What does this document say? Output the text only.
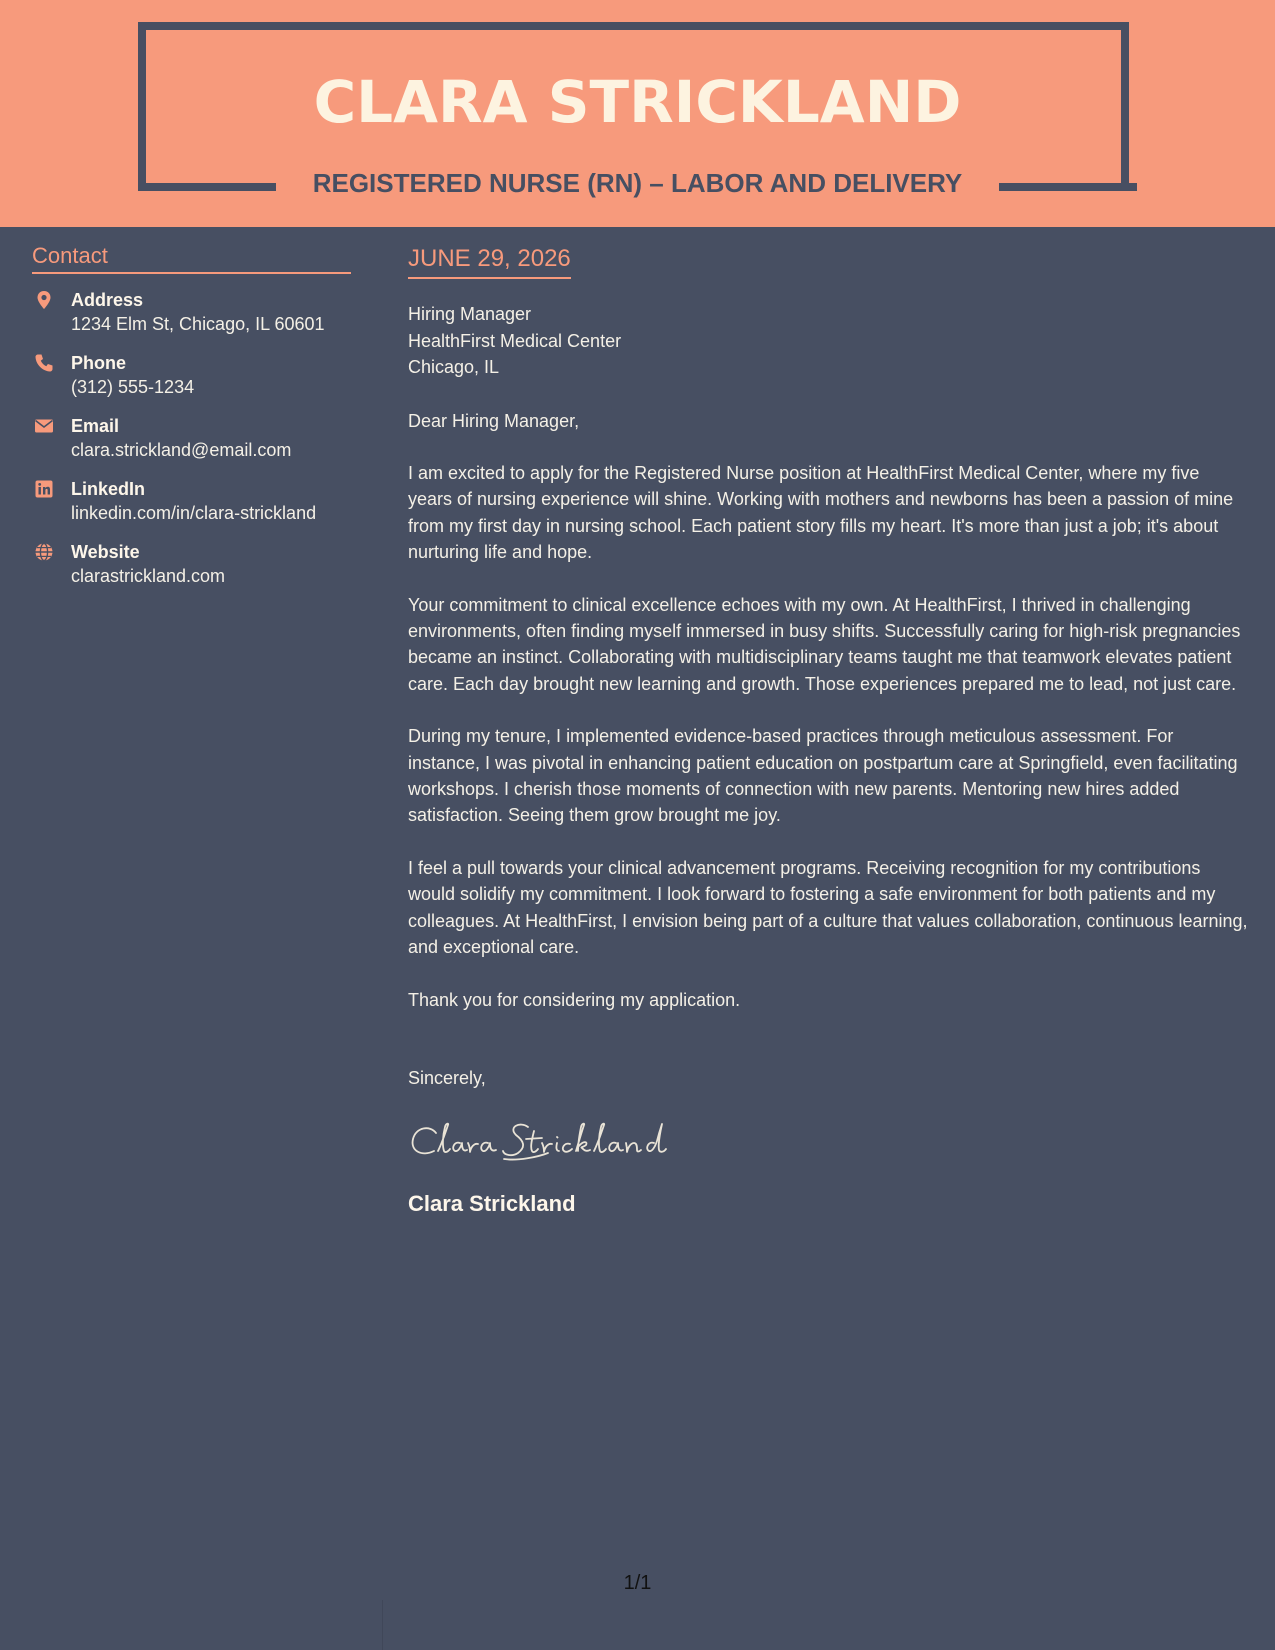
CLARA STRICKLAND
REGISTERED NURSE (RN) – LABOR AND DELIVERY
Contact
Address
1234 Elm St, Chicago, IL 60601
Phone
(312) 555-1234
Email
clara.strickland@email.com
LinkedIn
linkedin.com/in/clara-strickland
Website
clarastrickland.com
JUNE 29, 2026
Hiring Manager
HealthFirst Medical Center
Chicago, IL
Dear Hiring Manager,
I am excited to apply for the Registered Nurse position at HealthFirst Medical Center, where my five years of nursing experience will shine. Working with mothers and newborns has been a passion of mine from my first day in nursing school. Each patient story fills my heart. It's more than just a job; it's about nurturing life and hope.
Your commitment to clinical excellence echoes with my own. At HealthFirst, I thrived in challenging environments, often finding myself immersed in busy shifts. Successfully caring for high-risk pregnancies became an instinct. Collaborating with multidisciplinary teams taught me that teamwork elevates patient care. Each day brought new learning and growth. Those experiences prepared me to lead, not just care.
During my tenure, I implemented evidence-based practices through meticulous assessment. For instance, I was pivotal in enhancing patient education on postpartum care at Springfield, even facilitating workshops. I cherish those moments of connection with new parents. Mentoring new hires added satisfaction. Seeing them grow brought me joy.
I feel a pull towards your clinical advancement programs. Receiving recognition for my contributions would solidify my commitment. I look forward to fostering a safe environment for both patients and my colleagues. At HealthFirst, I envision being part of a culture that values collaboration, continuous learning, and exceptional care.
Thank you for considering my application.
Sincerely,
Clara Strickland
1/1
